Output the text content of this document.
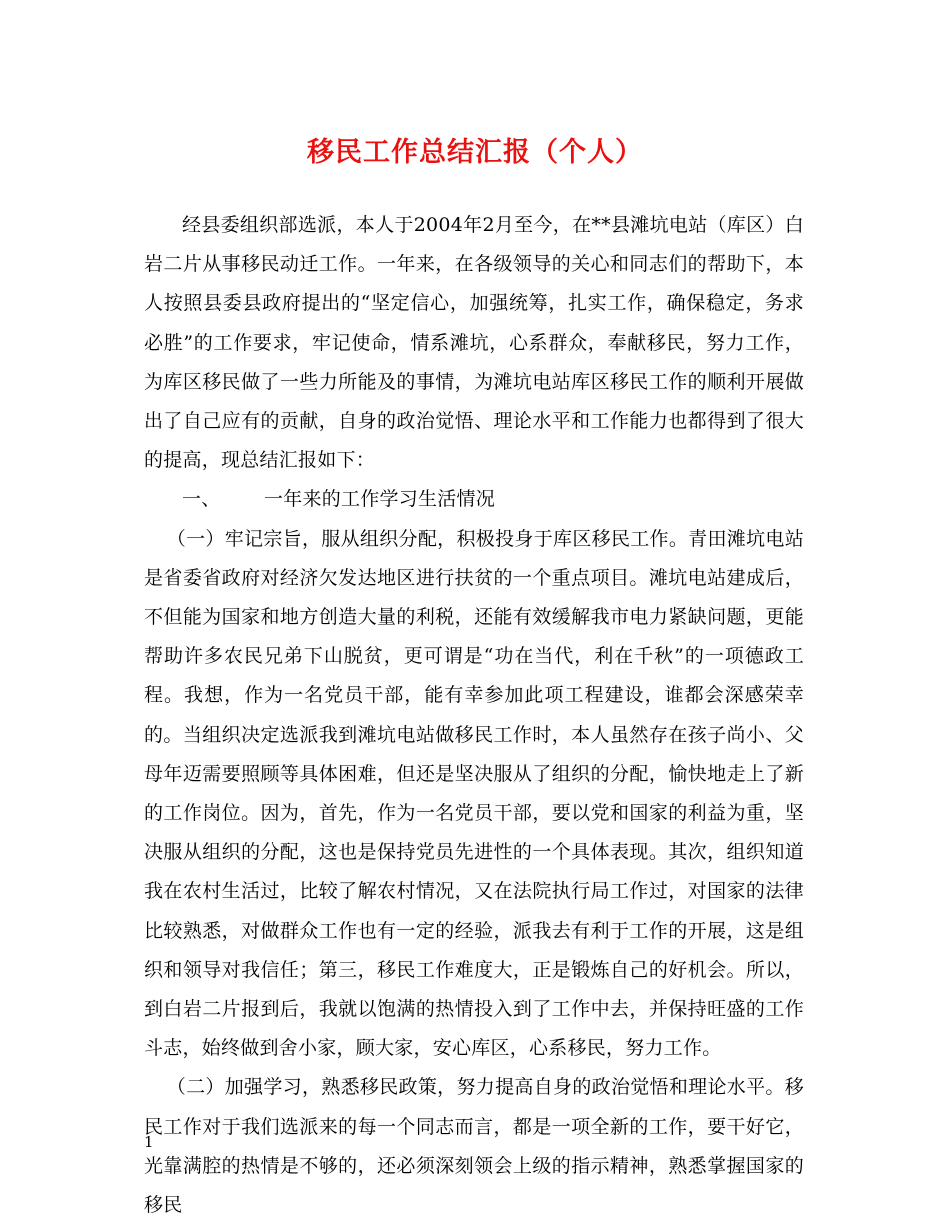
移民工作总结汇报（个人）

经县委组织部选派，本人于2004年2月至今，在**县滩坑电站（库区）白岩二片从事移民动迁工作。一年来，在各级领导的关心和同志们的帮助下，本人按照县委县政府提出的“坚定信心，加强统筹，扎实工作，确保稳定，务求必胜”的工作要求，牢记使命，情系滩坑，心系群众，奉献移民，努力工作，为库区移民做了一些力所能及的事情，为滩坑电站库区移民工作的顺利开展做出了自己应有的贡献，自身的政治觉悟、理论水平和工作能力也都得到了很大的提高，现总结汇报如下：

一、 一年来的工作学习生活情况

（一）牢记宗旨，服从组织分配，积极投身于库区移民工作。青田滩坑电站是省委省政府对经济欠发达地区进行扶贫的一个重点项目。滩坑电站建成后，不但能为国家和地方创造大量的利税，还能有效缓解我市电力紧缺问题，更能帮助许多农民兄弟下山脱贫，更可谓是“功在当代，利在千秋”的一项德政工程。我想，作为一名党员干部，能有幸参加此项工程建设，谁都会深感荣幸的。当组织决定选派我到滩坑电站做移民工作时，本人虽然存在孩子尚小、父母年迈需要照顾等具体困难，但还是坚决服从了组织的分配，愉快地走上了新的工作岗位。因为，首先，作为一名党员干部，要以党和国家的利益为重，坚决服从组织的分配，这也是保持党员先进性的一个具体表现。其次，组织知道我在农村生活过，比较了解农村情况，又在法院执行局工作过，对国家的法律比较熟悉，对做群众工作也有一定的经验，派我去有利于工作的开展，这是组织和领导对我信任；第三，移民工作难度大，正是锻炼自己的好机会。所以，到白岩二片报到后，我就以饱满的热情投入到了工作中去，并保持旺盛的工作斗志，始终做到舍小家，顾大家，安心库区，心系移民，努力工作。

（二）加强学习，熟悉移民政策，努力提高自身的政治觉悟和理论水平。移民工作对于我们选派来的每一个同志而言，都是一项全新的工作，要干好它，光靠满腔的热情是不够的，还必须深刻领会上级的指示精神，熟悉掌握国家的移民

1
